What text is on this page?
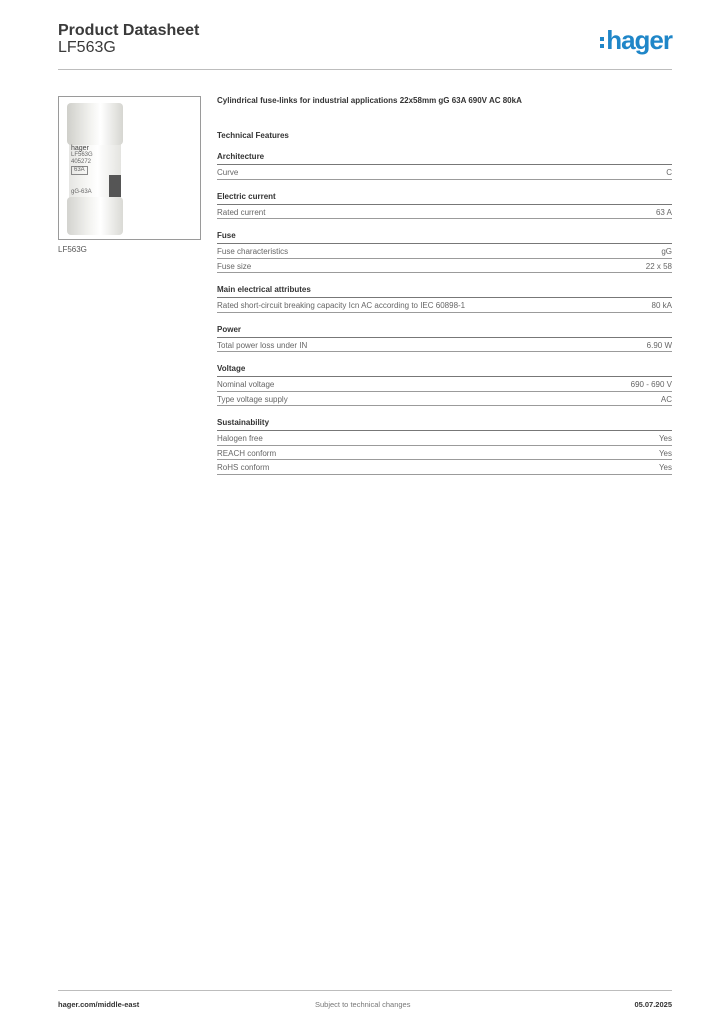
Product Datasheet
LF563G	hager
hager
LF563G
405272
63A
gG-63A
LF563G
Cylindrical fuse-links for industrial applications 22x58mm gG 63A 690V AC 80kA
Technical Features
Architecture
Curve	C
Electric current
Rated current	63 A
Fuse
Fuse characteristics	gG
Fuse size	22 x 58
Main electrical attributes
Rated short-circuit breaking capacity Icn AC according to IEC 60898-1	80 kA
Power
Total power loss under IN	6.90 W
Voltage
Nominal voltage	690 - 690 V
Type voltage supply	AC
Sustainability
Halogen free	Yes
REACH conform	Yes
RoHS conform	Yes
hager.com/middle-east	Subject to technical changes	05.07.2025
